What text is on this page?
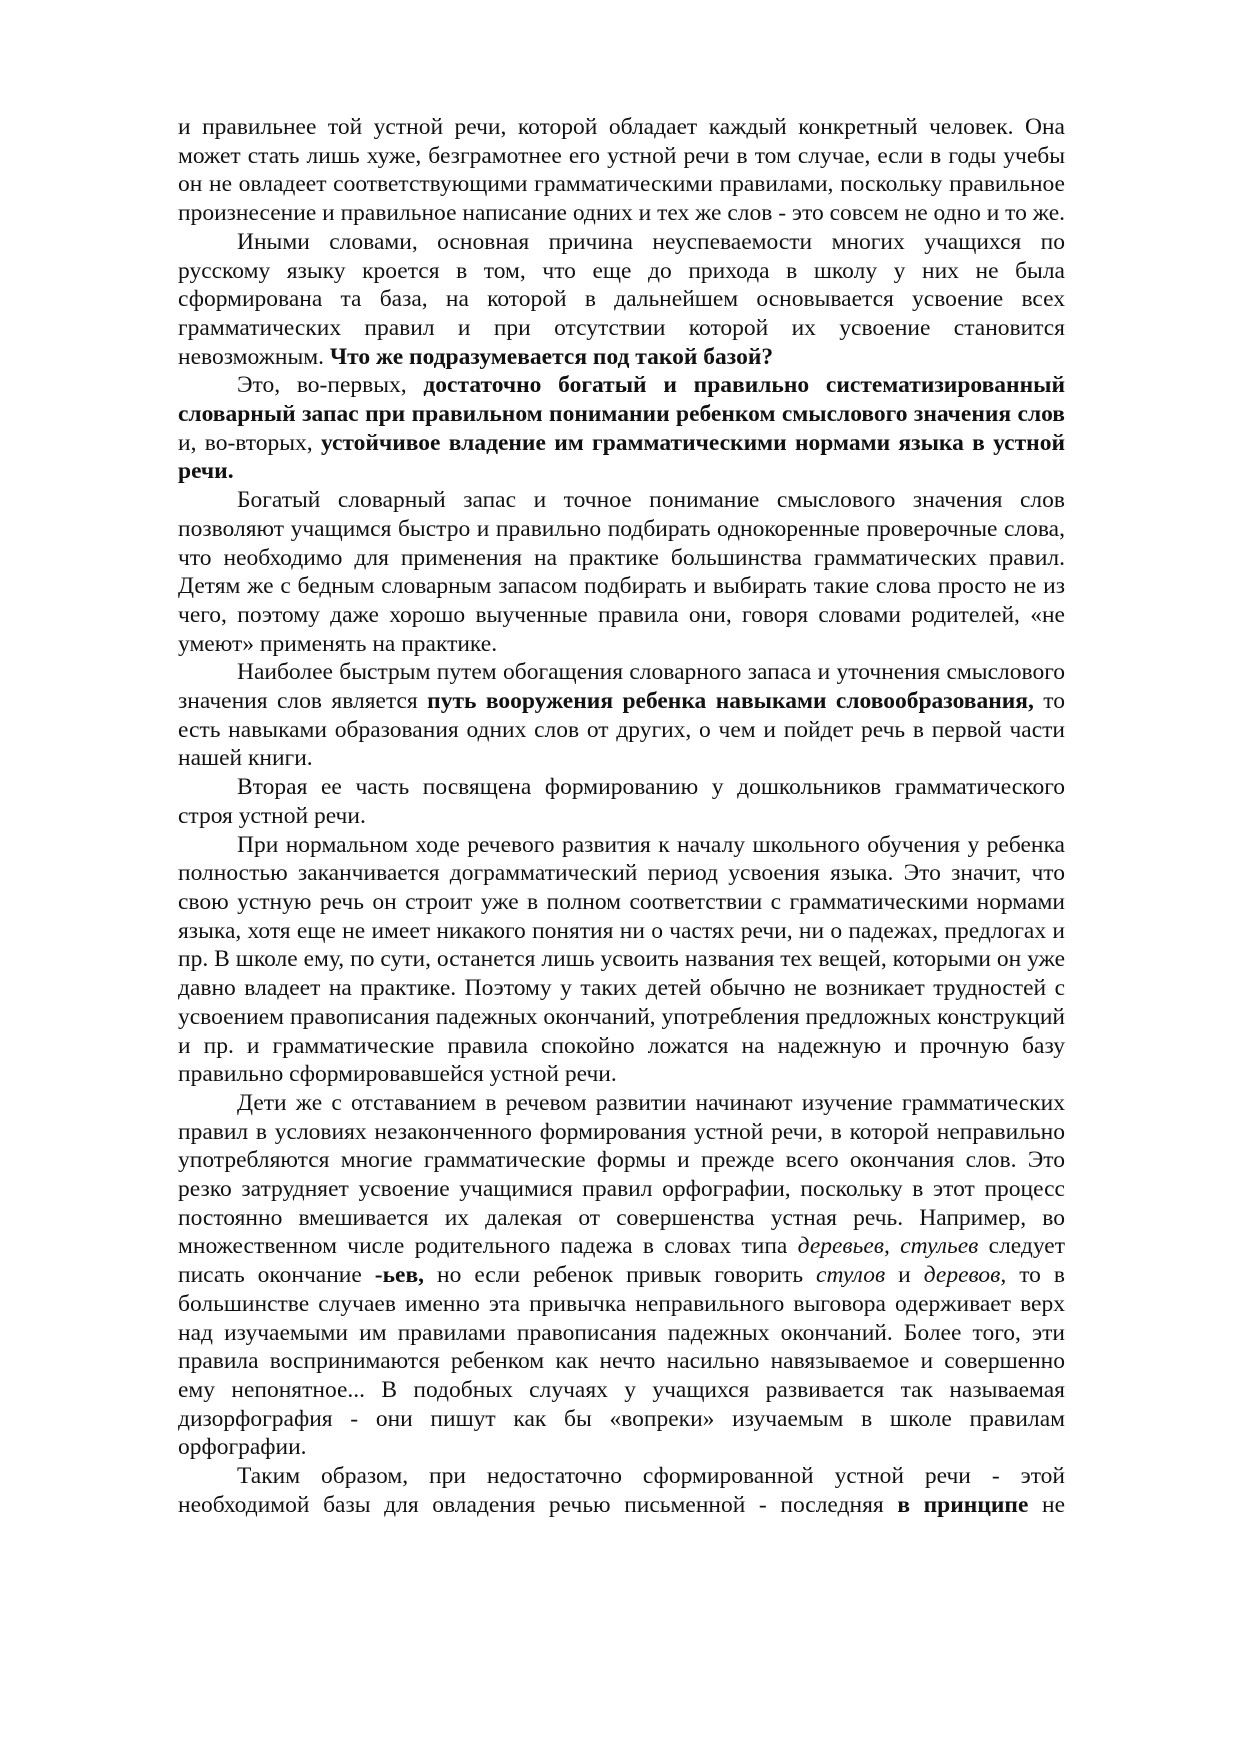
и правильнее той устной речи, которой обладает каждый конкретный человек. Она может стать лишь хуже, безграмотнее его устной речи в том случае, если в годы учебы он не овладеет соответствующими грамматическими правилами, поскольку правильное произнесение и правильное написание одних и тех же слов - это совсем не одно и то же.

Иными словами, основная причина неуспеваемости многих учащихся по русскому языку кроется в том, что еще до прихода в школу у них не была сформирована та база, на которой в дальнейшем основывается усвоение всех грамматических правил и при отсутствии которой их усвоение становится невозможным. Что же подразумевается под такой базой?

Это, во-первых, достаточно богатый и правильно систематизированный словарный запас при правильном понимании ребенком смыслового значения слов и, во-вторых, устойчивое владение им грамматическими нормами языка в устной речи.

Богатый словарный запас и точное понимание смыслового значения слов позволяют учащимся быстро и правильно подбирать однокоренные проверочные слова, что необходимо для применения на практике большинства грамматических правил. Детям же с бедным словарным запасом подбирать и выбирать такие слова просто не из чего, поэтому даже хорошо выученные правила они, говоря словами родителей, «не умеют» применять на практике.

Наиболее быстрым путем обогащения словарного запаса и уточнения смыслового значения слов является путь вооружения ребенка навыками словообразования, то есть навыками образования одних слов от других, о чем и пойдет речь в первой части нашей книги.

Вторая ее часть посвящена формированию у дошкольников грамматического строя устной речи.

При нормальном ходе речевого развития к началу школьного обучения у ребенка полностью заканчивается дограмматический период усвоения языка. Это значит, что свою устную речь он строит уже в полном соответствии с грамматическими нормами языка, хотя еще не имеет никакого понятия ни о частях речи, ни о падежах, предлогах и пр. В школе ему, по сути, останется лишь усвоить названия тех вещей, которыми он уже давно владеет на практике. Поэтому у таких детей обычно не возникает трудностей с усвоением правописания падежных окончаний, употребления предложных конструкций и пр. и грамматические правила спокойно ложатся на надежную и прочную базу правильно сформировавшейся устной речи.

Дети же с отставанием в речевом развитии начинают изучение грамматических правил в условиях незаконченного формирования устной речи, в которой неправильно употребляются многие грамматические формы и прежде всего окончания слов. Это резко затрудняет усвоение учащимися правил орфографии, поскольку в этот процесс постоянно вмешивается их далекая от совершенства устная речь. Например, во множественном числе родительного падежа в словах типа деревьев, стульев следует писать окончание -ьев, но если ребенок привык говорить стулов и деревов, то в большинстве случаев именно эта привычка неправильного выговора одерживает верх над изучаемыми им правилами правописания падежных окончаний. Более того, эти правила воспринимаются ребенком как нечто насильно навязываемое и совершенно ему непонятное... В подобных случаях у учащихся развивается так называемая дизорфография - они пишут как бы «вопреки» изучаемым в школе правилам орфографии.

Таким образом, при недостаточно сформированной устной речи - этой необходимой базы для овладения речью письменной - последняя в принципе не
